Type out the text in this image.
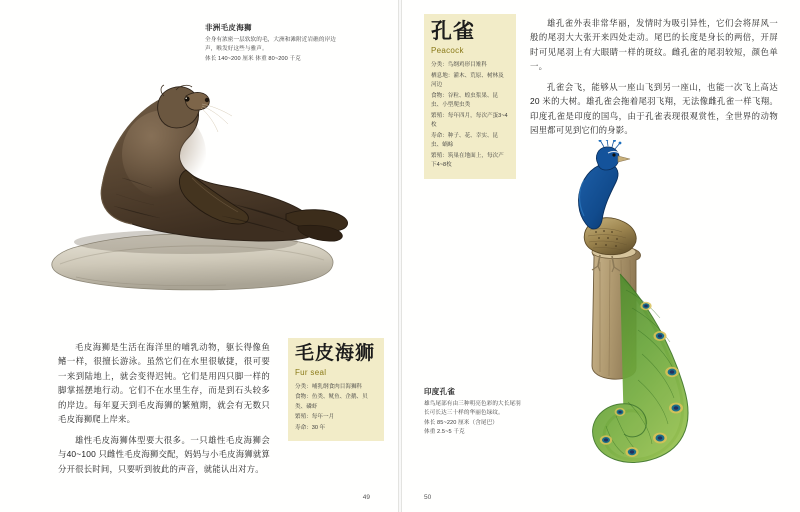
非洲毛皮海狮
全身有浓密一层软软的毛，大洲和滩附近岩礁的岸边
声，喉发好这些与雅声。
体长 140~200 厘米 体重 80~200 千克

毛皮海狮是生活在海洋里的哺乳动物，躯长得像鱼鳍一样，很擅长游泳。虽然它们在水里很敏捷，很可要一来到陆地上，就会变得迟钝。它们是用四只脚一样的脚掌摇摆地行动。它们不在水里生存，而是到石头较多的岸边。每年夏天到毛皮海狮的繁殖期，就会有无数只毛皮海狮爬上岸来。

雄性毛皮海狮体型要大很多。一只雄性毛皮海狮会与40~100 只雌性毛皮海狮交配，妈妈与小毛皮海狮就算分开很长时间，只要听到彼此的声音，就能认出对方。

毛皮海狮
Fur seal
分类：哺乳纲食肉目海狮科
食物：鱼类、鱿鱼、企鹅、贝类、磷虾
繁殖：每年一月
寿命：30 年
49
孔雀
Peacock
分类：鸟纲鸡形目雉科
栖息地：灌木、荒原、树林及河边
食物：谷粒、蝗虫浆果、昆虫、小型爬虫类
繁殖：每年四月，每次产蛋3~4枚
寿命：种子、花、幸实、昆虫、蜗蜍
繁殖：筑巢在地面上，每次产下4~8枚

雄孔雀外表非常华丽，发情时为吸引异性，它们会将屏风一般的尾羽大大张开来四处走动。尾巴的长度是身长的两倍，开屏时可见尾羽上有大眼睛一样的斑纹。雌孔雀的尾羽较短，颜色单一。

孔雀会飞，能够从一座山飞到另一座山，也能一次飞上高达 20 米的大树。雄孔雀会拖着尾羽飞翔，无法像雌孔雀一样飞翔。印度孔雀是印度的国鸟，由于孔雀表现很观赏性，全世界的动物园里都可见到它们的身影。

印度孔雀
雄鸟尾部有由三种明亮色彩的大长尾羽
长可长达三十样的华丽色绿纹。
体长 85~220 厘米（含尾巴）
体重 2.5~5 千克
50
